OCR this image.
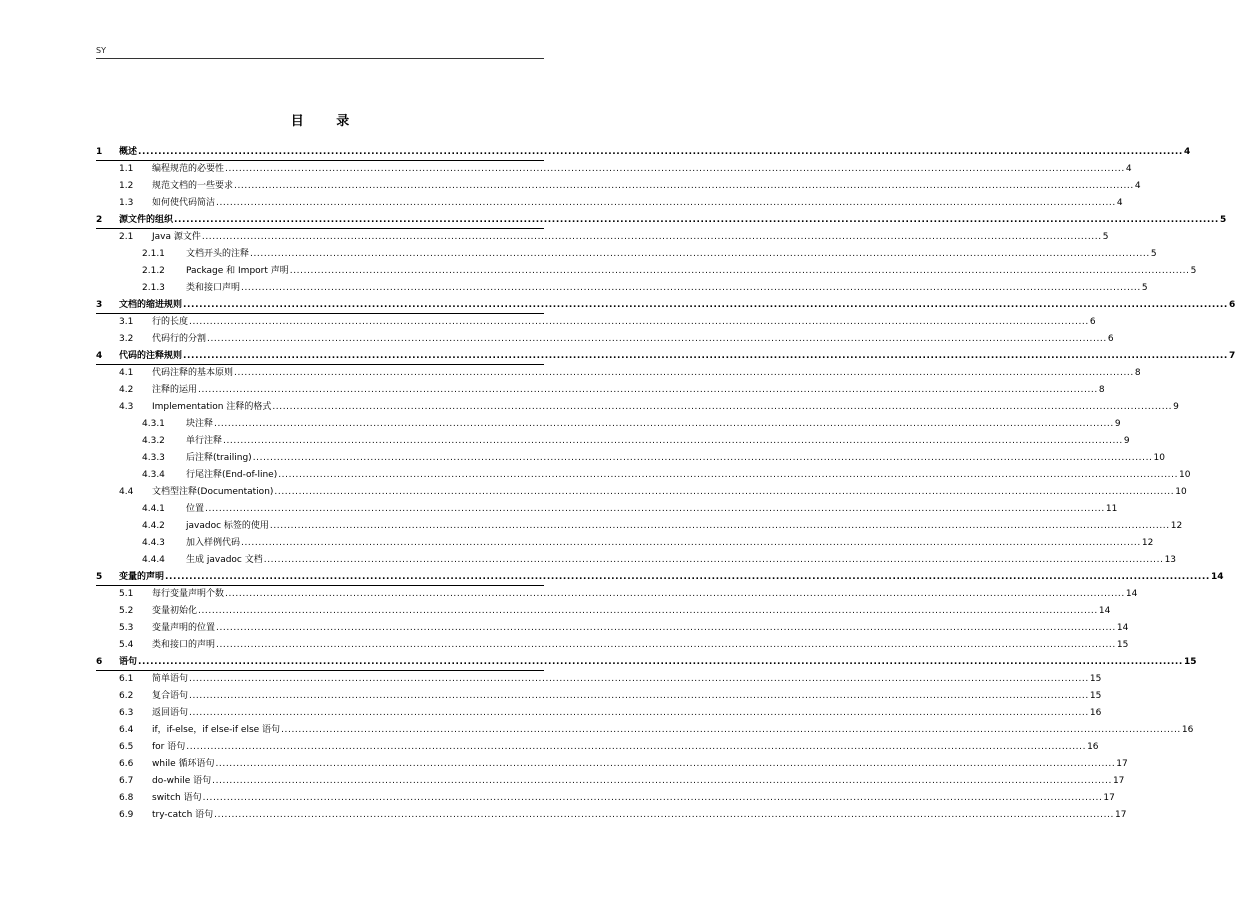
SY
目 录
1	概述 .................................................................................................................................................................................................................................................................... 4
1.1	编程规范的必要性 .................................................................................................................................................................................................................................................................... 4
1.2	规范文档的一些要求 .................................................................................................................................................................................................................................................................... 4
1.3	如何使代码简洁 .................................................................................................................................................................................................................................................................... 4
2	源文件的组织 .................................................................................................................................................................................................................................................................... 5
2.1	Java 源文件 .................................................................................................................................................................................................................................................................... 5
2.1.1	文档开头的注释 .................................................................................................................................................................................................................................................................... 5
2.1.2	Package 和 Import 声明 .................................................................................................................................................................................................................................................................... 5
2.1.3	类和接口声明 .................................................................................................................................................................................................................................................................... 5
3	文档的缩进规则 .................................................................................................................................................................................................................................................................... 6
3.1	行的长度 .................................................................................................................................................................................................................................................................... 6
3.2	代码行的分割 .................................................................................................................................................................................................................................................................... 6
4	代码的注释规则 .................................................................................................................................................................................................................................................................... 7
4.1	代码注释的基本原则 .................................................................................................................................................................................................................................................................... 8
4.2	注释的运用 .................................................................................................................................................................................................................................................................... 8
4.3	Implementation 注释的格式 .................................................................................................................................................................................................................................................................... 9
4.3.1	块注释 .................................................................................................................................................................................................................................................................... 9
4.3.2	单行注释 .................................................................................................................................................................................................................................................................... 9
4.3.3	后注释(trailing) .................................................................................................................................................................................................................................................................... 10
4.3.4	行尾注释(End-of-line) .................................................................................................................................................................................................................................................................... 10
4.4	文档型注释(Documentation) .................................................................................................................................................................................................................................................................... 10
4.4.1	位置 .................................................................................................................................................................................................................................................................... 11
4.4.2	javadoc 标签的使用 .................................................................................................................................................................................................................................................................... 12
4.4.3	加入样例代码 .................................................................................................................................................................................................................................................................... 12
4.4.4	生成 javadoc 文档 .................................................................................................................................................................................................................................................................... 13
5	变量的声明 .................................................................................................................................................................................................................................................................... 14
5.1	每行变量声明个数 .................................................................................................................................................................................................................................................................... 14
5.2	变量初始化 .................................................................................................................................................................................................................................................................... 14
5.3	变量声明的位置 .................................................................................................................................................................................................................................................................... 14
5.4	类和接口的声明 .................................................................................................................................................................................................................................................................... 15
6	语句 .................................................................................................................................................................................................................................................................... 15
6.1	简单语句 .................................................................................................................................................................................................................................................................... 15
6.2	复合语句 .................................................................................................................................................................................................................................................................... 15
6.3	返回语句 .................................................................................................................................................................................................................................................................... 16
6.4	if，if-else，if else-if else 语句 .................................................................................................................................................................................................................................................................... 16
6.5	for 语句 .................................................................................................................................................................................................................................................................... 16
6.6	while 循环语句 .................................................................................................................................................................................................................................................................... 17
6.7	do-while 语句 .................................................................................................................................................................................................................................................................... 17
6.8	switch 语句 .................................................................................................................................................................................................................................................................... 17
6.9	try-catch 语句 .................................................................................................................................................................................................................................................................... 17
